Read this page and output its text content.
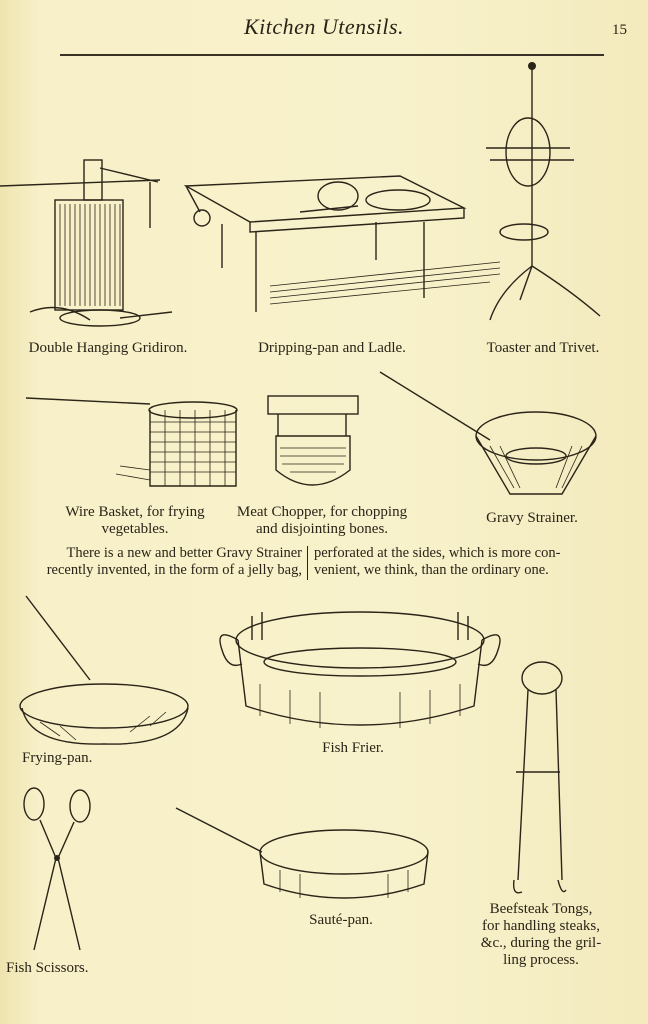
Kitchen Utensils.	15
Double Hanging Gridiron.	Dripping-pan and Ladle.	Toaster and Trivet.
Wire Basket, for frying
vegetables.
Meat Chopper, for chopping
and disjointing bones.
Gravy Strainer.
There is a new and better Gravy Strainer
recently invented, in the form of a jelly bag,
perforated at the sides, which is more con-
venient, we think, than the ordinary one.
Frying-pan.
Fish Frier.
Beefsteak Tongs,
for handling steaks,
&c., during the gril-
ling process.
Fish Scissors.
Sauté-pan.
